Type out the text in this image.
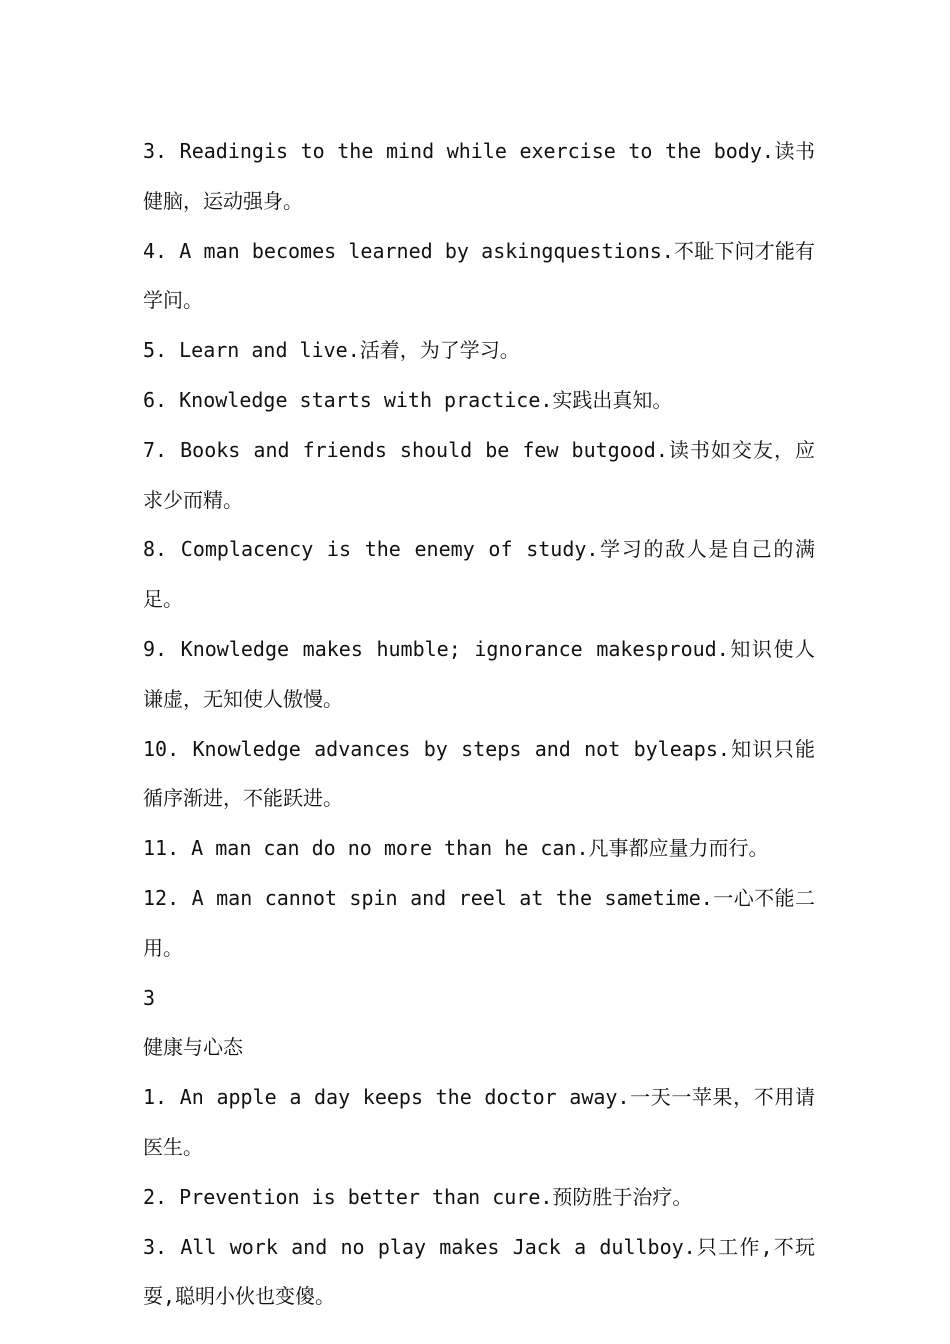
3. Readingis to the mind while exercise to the body.读书健脑，运动强身。

4. A man becomes learned by askingquestions.不耻下问才能有学问。

5. Learn and live.活着，为了学习。

6. Knowledge starts with practice.实践出真知。

7. Books and friends should be few butgood.读书如交友，应求少而精。

8. Complacency is the enemy of study.学习的敌人是自己的满足。

9. Knowledge makes humble; ignorance makesproud.知识使人谦虚，无知使人傲慢。

10. Knowledge advances by steps and not byleaps.知识只能循序渐进，不能跃进。

11. A man can do no more than he can.凡事都应量力而行。

12. A man cannot spin and reel at the sametime.一心不能二用。

3

健康与心态

1. An apple a day keeps the doctor away.一天一苹果，不用请医生。

2. Prevention is better than cure.预防胜于治疗。

3. All work and no play makes Jack a dullboy.只工作,不玩耍,聪明小伙也变傻。
